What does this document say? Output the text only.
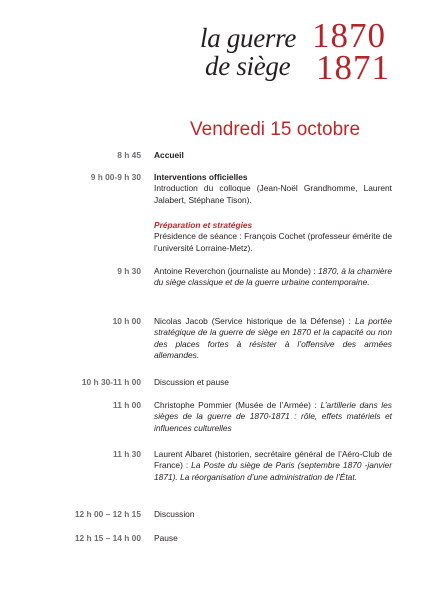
la guerre
de siège
1870
1871
Vendredi 15 octobre
8 h 45 Accueil
9 h 00-9 h 30 Interventions officielles

Introduction du colloque (Jean-Noël Grandhomme, Laurent Jalabert, Stéphane Tison).

Préparation et stratégies

Présidence de séance : François Cochet (professeur émérite de l’université Lorraine-Metz).

9 h 30 Antoine Reverchon (journaliste au Monde) : 1870, à la charnière du siège classique et de la guerre urbaine contemporaine.
10 h 00 Nicolas Jacob (Service historique de la Défense) : La portée stratégique de la guerre de siège en 1870 et la capacité ou non des places fortes à résister à l’offensive des armées allemandes.
10 h 30-11 h 00 Discussion et pause
11 h 00 Christophe Pommier (Musée de l’Armée) : L’artillerie dans les sièges de la guerre de 1870-1871 : rôle, effets matériels et influences culturelles
11 h 30 Laurent Albaret (historien, secrétaire général de l’Aéro-Club de France) : La Poste du siège de Paris (septembre 1870 -janvier 1871). La réorganisation d’une administration de l’État.
12 h 00 – 12 h 15 Discussion
12 h 15 – 14 h 00 Pause
